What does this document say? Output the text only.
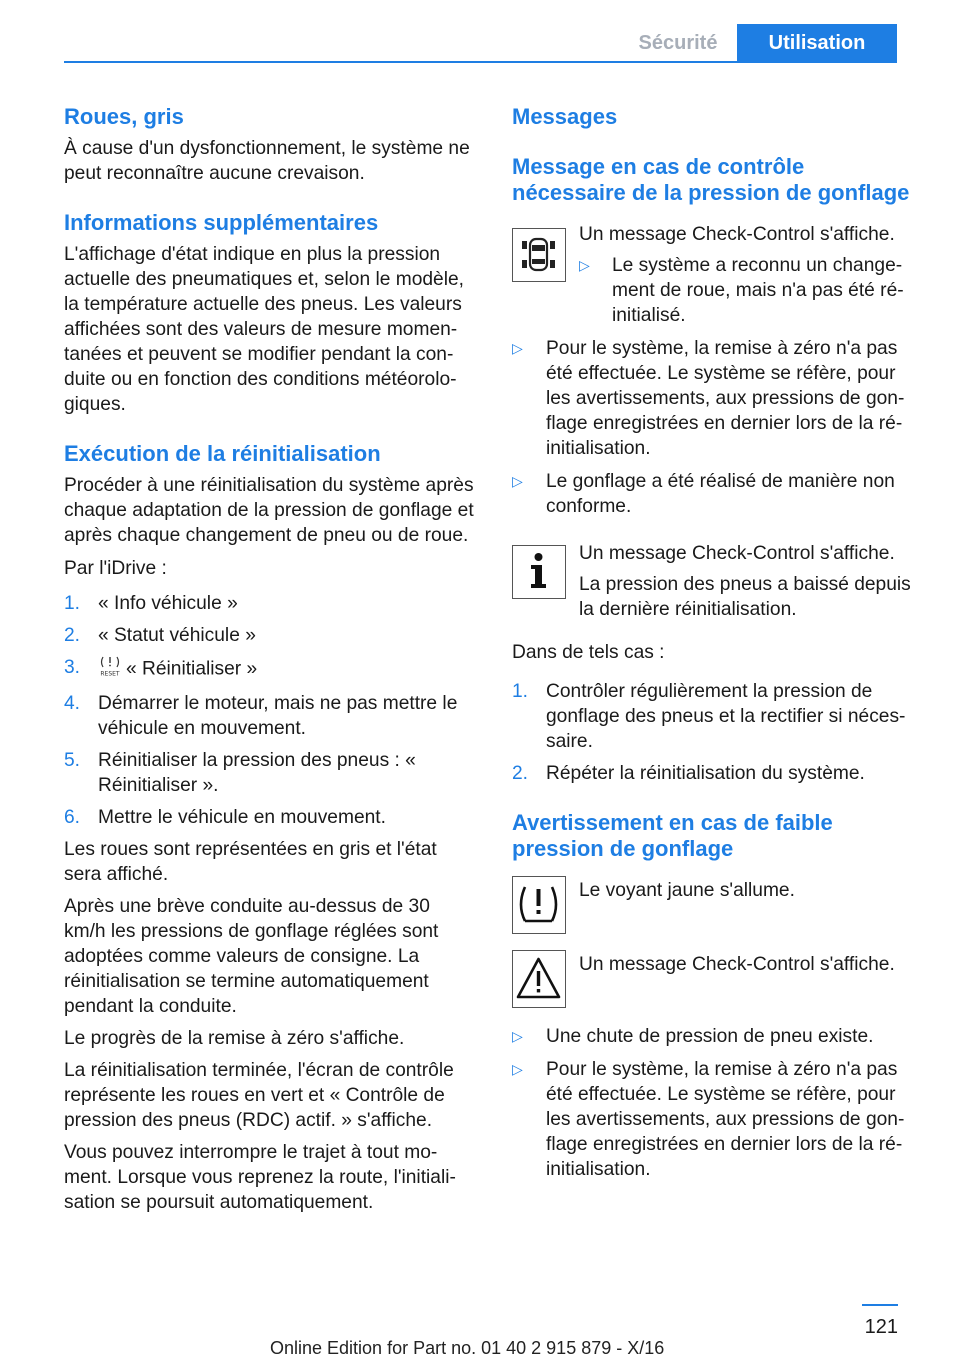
Sécurité	Utilisation
Roues, gris

À cause d'un dysfonctionnement, le système ne peut reconnaître aucune crevaison.

Informations supplémentaires

L'affichage d'état indique en plus la pression actuelle des pneumatiques et, selon le modèle, la température actuelle des pneus. Les valeurs affichées sont des valeurs de mesure momen‐tanées et peuvent se modifier pendant la con‐duite ou en fonction des conditions météorolo‐giques.

Exécution de la réinitialisation

Procéder à une réinitialisation du système après chaque adaptation de la pression de gonflage et après chaque changement de pneu ou de roue.

Par l'iDrive :

1. « Info véhicule »
2. « Statut véhicule »
3.	RESET « Réinitialiser »
4. Démarrer le moteur, mais ne pas mettre le véhicule en mouvement.
5. Réinitialiser la pression des pneus : « Réinitialiser ».
6. Mettre le véhicule en mouvement.

Les roues sont représentées en gris et l'état sera affiché.

Après une brève conduite au-dessus de 30 km/h les pressions de gonflage réglées sont adoptées comme valeurs de consigne. La réinitialisation se termine automatiquement pendant la conduite.

Le progrès de la remise à zéro s'affiche.

La réinitialisation terminée, l'écran de contrôle représente les roues en vert et « Contrôle de pression des pneus (RDC) actif. » s'affiche.

Vous pouvez interrompre le trajet à tout mo‐ment. Lorsque vous reprenez la route, l'initiali‐sation se poursuit automatiquement.

Messages
Message en cas de contrôle nécessaire de la pression de gonflage

Un message Check-Control s'affiche.

▷ Le système a reconnu un change‐ment de roue, mais n'a pas été ré‐initialisé.
▷ Pour le système, la remise à zéro n'a pas été effectuée. Le système se réfère, pour les avertissements, aux pressions de gon‐flage enregistrées en dernier lors de la ré‐initialisation.
▷ Le gonflage a été réalisé de manière non conforme.

Un message Check-Control s'affiche.

La pression des pneus a baissé depuis la dernière réinitialisation.

Dans de tels cas :

1. Contrôler régulièrement la pression de gonflage des pneus et la rectifier si néces‐saire.
2. Répéter la réinitialisation du système.
Avertissement en cas de faible pression de gonflage

Le voyant jaune s'allume.

Un message Check-Control s'affiche.

▷ Une chute de pression de pneu existe.
▷ Pour le système, la remise à zéro n'a pas été effectuée. Le système se réfère, pour les avertissements, aux pressions de gon‐flage enregistrées en dernier lors de la ré‐initialisation.
121
Online Edition for Part no. 01 40 2 915 879 - X/16
